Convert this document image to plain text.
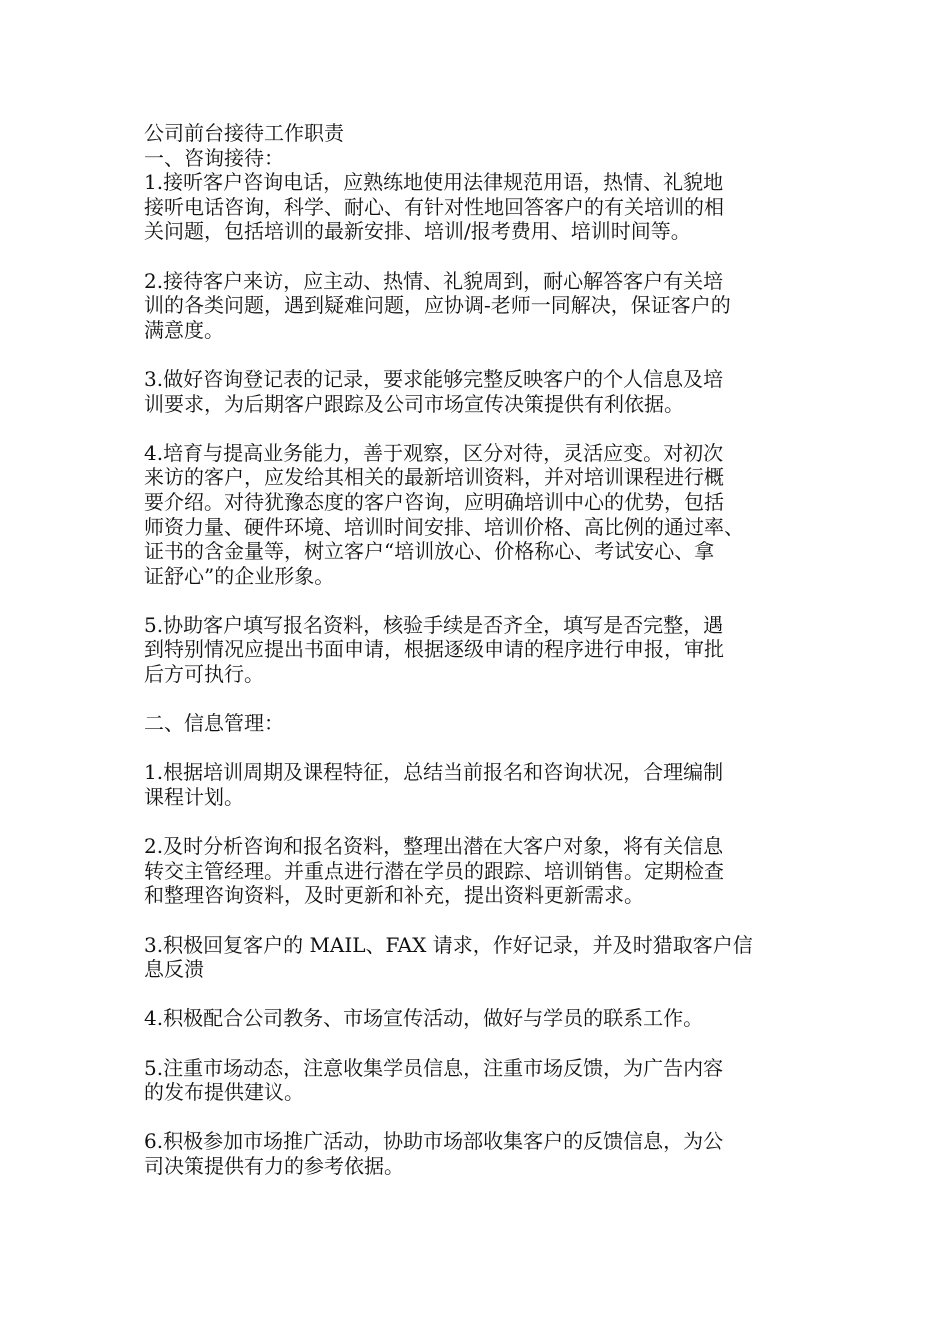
公司前台接待工作职责
一、咨询接待：
1.接听客户咨询电话，应熟练地使用法律规范用语，热情、礼貌地
接听电话咨询，科学、耐心、有针对性地回答客户的有关培训的相
关问题，包括培训的最新安排、培训/报考费用、培训时间等。
2.接待客户来访，应主动、热情、礼貌周到，耐心解答客户有关培
训的各类问题，遇到疑难问题，应协调-老师一同解决，保证客户的
满意度。
3.做好咨询登记表的记录，要求能够完整反映客户的个人信息及培
训要求，为后期客户跟踪及公司市场宣传决策提供有利依据。
4.培育与提高业务能力，善于观察，区分对待，灵活应变。对初次
来访的客户，应发给其相关的最新培训资料，并对培训课程进行概
要介绍。对待犹豫态度的客户咨询，应明确培训中心的优势，包括
师资力量、硬件环境、培训时间安排、培训价格、高比例的通过率、
证书的含金量等，树立客户“培训放心、价格称心、考试安心、拿
证舒心”的企业形象。
5.协助客户填写报名资料，核验手续是否齐全，填写是否完整，遇
到特别情况应提出书面申请，根据逐级申请的程序进行申报，审批
后方可执行。
二、信息管理：
1.根据培训周期及课程特征，总结当前报名和咨询状况，合理编制
课程计划。
2.及时分析咨询和报名资料，整理出潜在大客户对象，将有关信息
转交主管经理。并重点进行潜在学员的跟踪、培训销售。定期检查
和整理咨询资料，及时更新和补充，提出资料更新需求。
3.积极回复客户的 MAIL、FAX 请求，作好记录，并及时猎取客户信
息反溃
4.积极配合公司教务、市场宣传活动，做好与学员的联系工作。
5.注重市场动态，注意收集学员信息，注重市场反馈，为广告内容
的发布提供建议。
6.积极参加市场推广活动，协助市场部收集客户的反馈信息，为公
司决策提供有力的参考依据。
